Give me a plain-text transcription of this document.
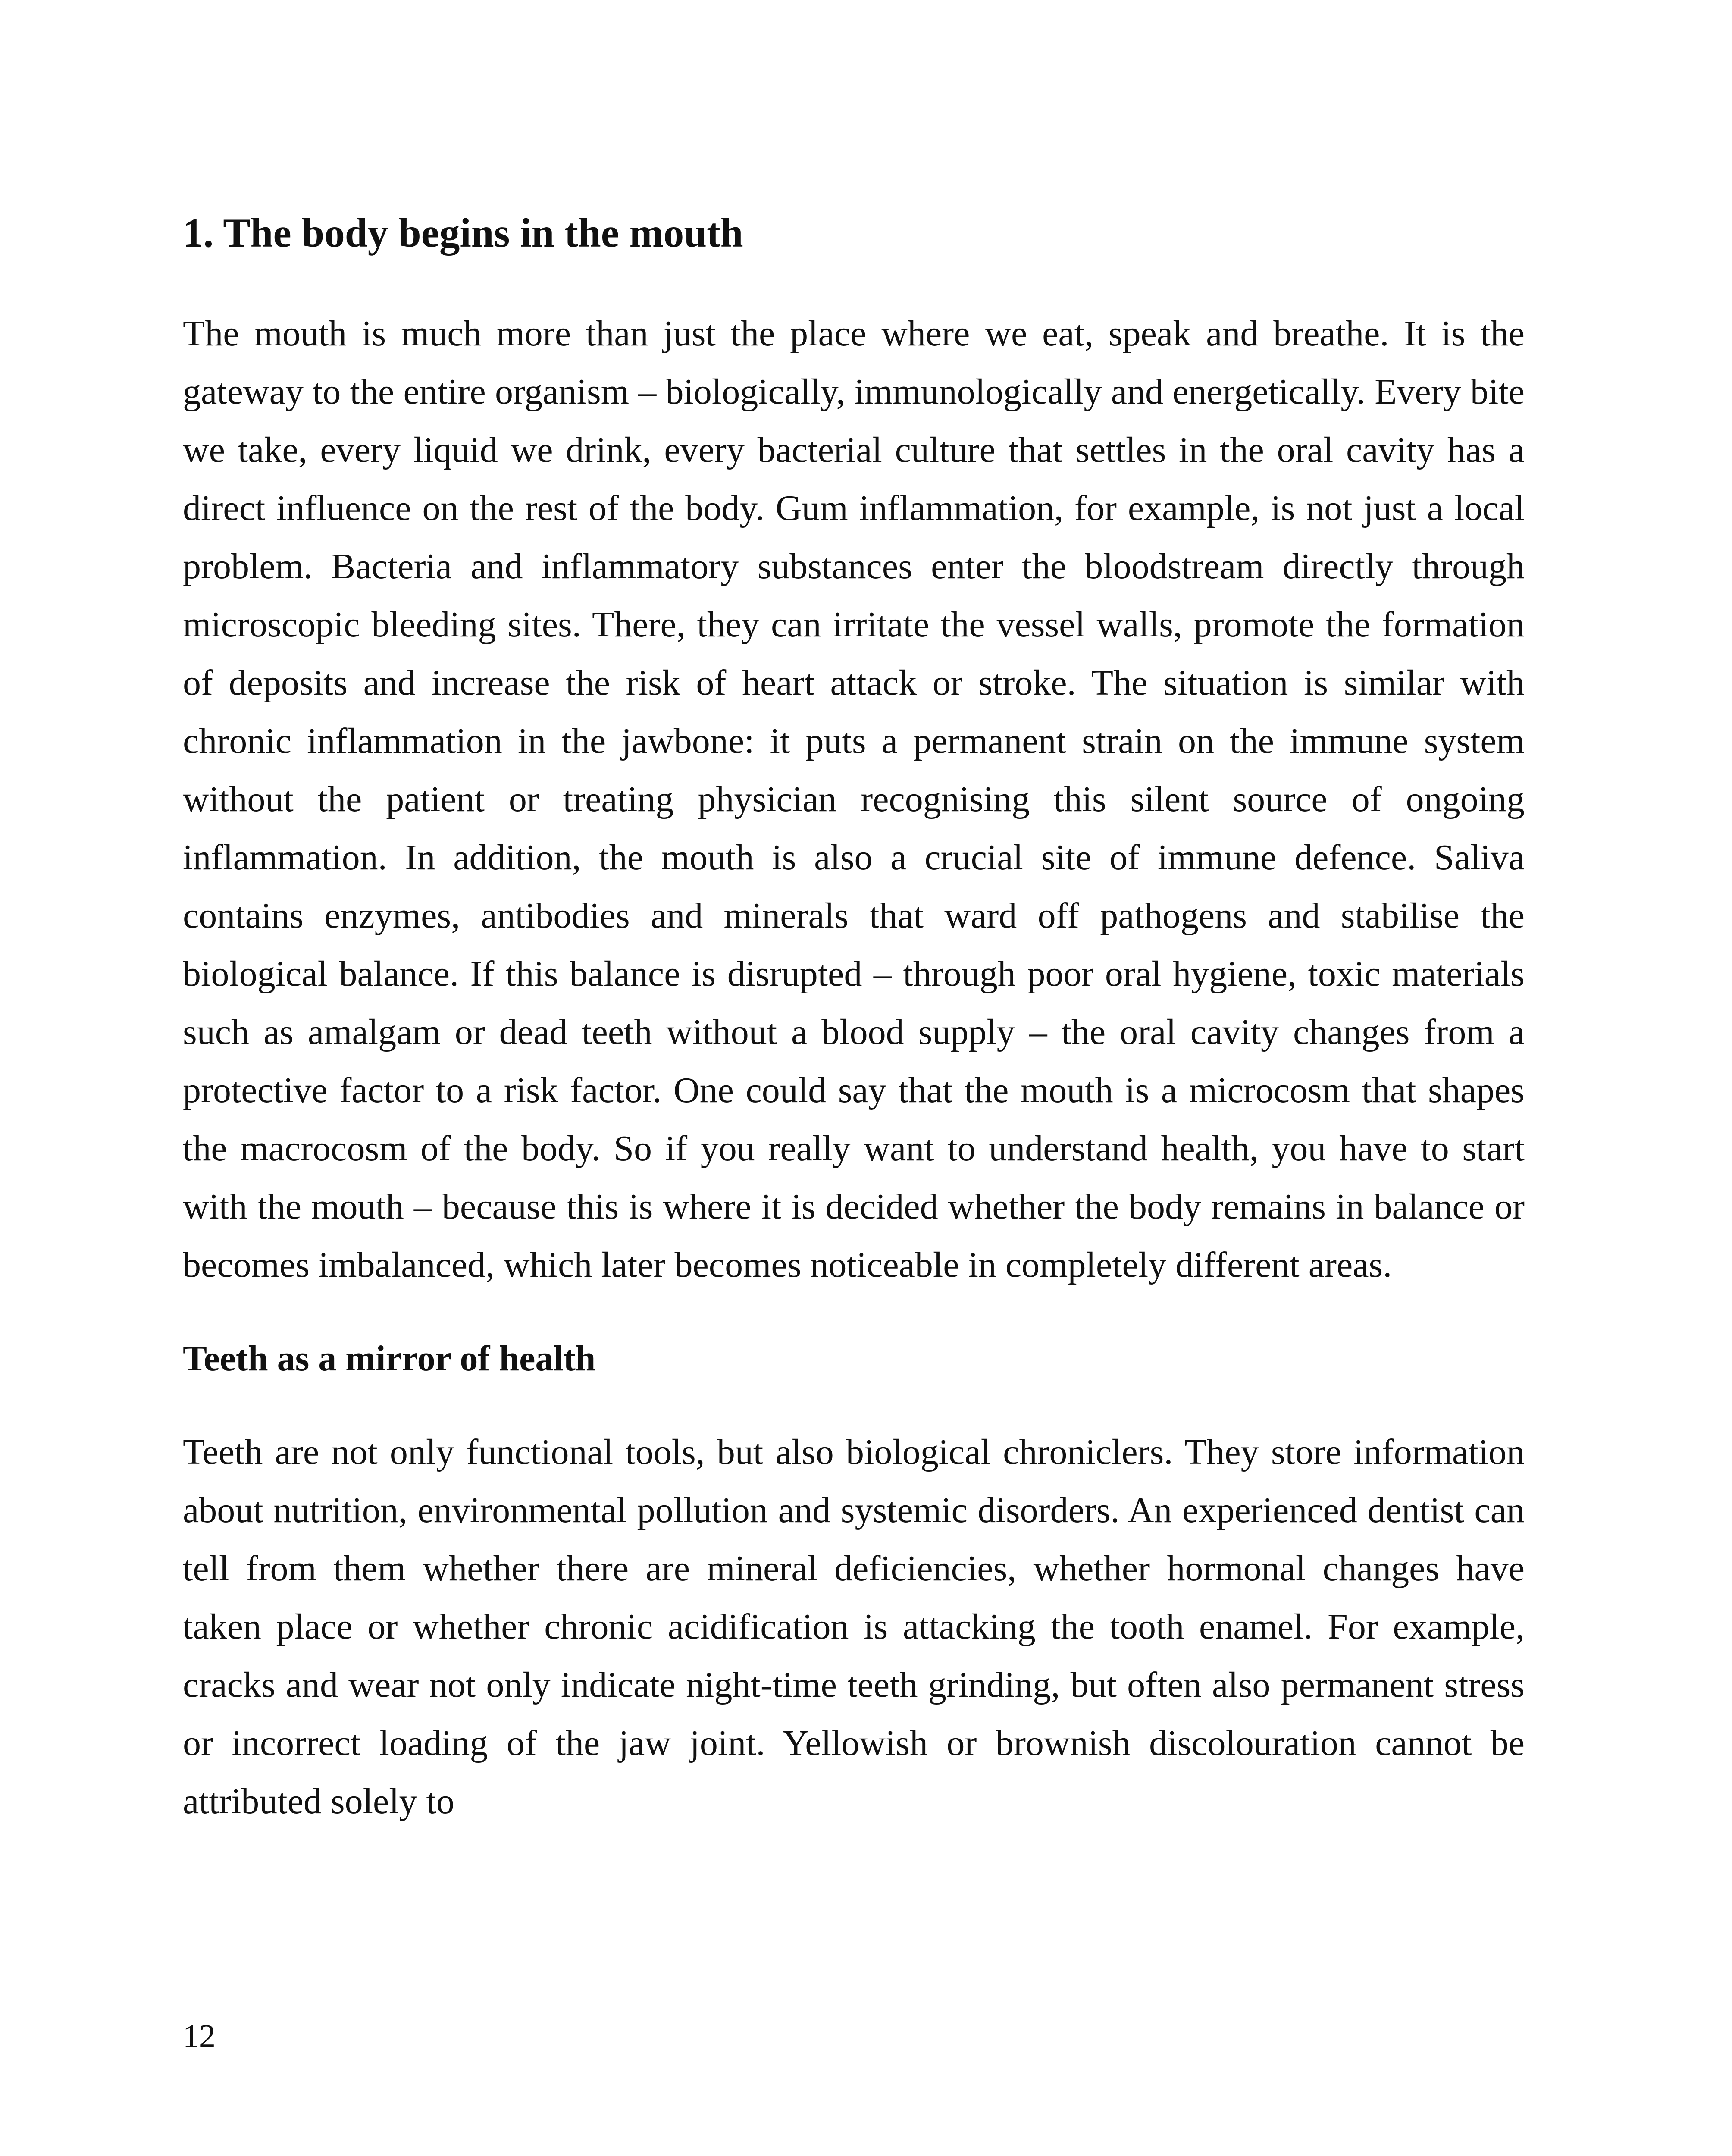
1. The body begins in the mouth

The mouth is much more than just the place where we eat, speak and breathe. It is the gateway to the entire organism – biologically, immunologically and energetically. Every bite we take, every liquid we drink, every bacterial culture that settles in the oral cavity has a direct influence on the rest of the body. Gum inflammation, for example, is not just a local problem. Bacteria and inflammatory substances enter the bloodstream directly through microscopic bleeding sites. There, they can irritate the vessel walls, promote the formation of deposits and increase the risk of heart attack or stroke. The situation is similar with chronic inflammation in the jawbone: it puts a permanent strain on the immune system without the patient or treating physician recognising this silent source of ongoing inflammation. In addition, the mouth is also a crucial site of immune defence. Saliva contains enzymes, antibodies and minerals that ward off pathogens and stabilise the biological balance. If this balance is disrupted – through poor oral hygiene, toxic materials such as amalgam or dead teeth without a blood supply – the oral cavity changes from a protective factor to a risk factor. One could say that the mouth is a microcosm that shapes the macrocosm of the body. So if you really want to understand health, you have to start with the mouth – because this is where it is decided whether the body remains in balance or becomes imbalanced, which later becomes noticeable in completely different areas.

Teeth as a mirror of health

Teeth are not only functional tools, but also biological chroniclers. They store information about nutrition, environmental pollution and systemic disorders. An experienced dentist can tell from them whether there are mineral deficiencies, whether hormonal changes have taken place or whether chronic acidification is attacking the tooth enamel. For example, cracks and wear not only indicate night-time teeth grinding, but often also permanent stress or incorrect loading of the jaw joint. Yellowish or brownish discolouration cannot be attributed solely to

12
